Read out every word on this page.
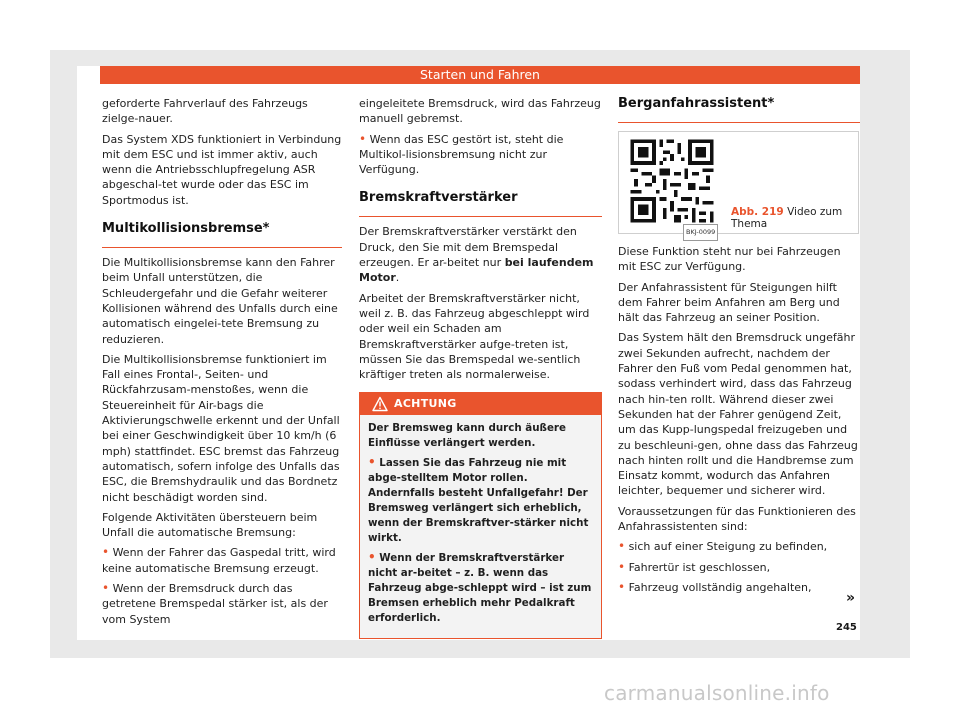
Starten und Fahren

geforderte Fahrverlauf des Fahrzeugs zielge-nauer.

Das System XDS funktioniert in Verbindung mit dem ESC und ist immer aktiv, auch wenn die Antriebsschlupfregelung ASR abgeschal-tet wurde oder das ESC im Sportmodus ist.

Multikollisionsbremse*

Die Multikollisionsbremse kann den Fahrer beim Unfall unterstützen, die Schleudergefahr und die Gefahr weiterer Kollisionen während des Unfalls durch eine automatisch eingelei-tete Bremsung zu reduzieren.

Die Multikollisionsbremse funktioniert im Fall eines Frontal-, Seiten- und Rückfahrzusam-menstoßes, wenn die Steuereinheit für Air-bags die Aktivierungschwelle erkennt und der Unfall bei einer Geschwindigkeit über 10 km/h (6 mph) stattfindet. ESC bremst das Fahrzeug automatisch, sofern infolge des Unfalls das ESC, die Bremshydraulik und das Bordnetz nicht beschädigt worden sind.

Folgende Aktivitäten übersteuern beim Unfall die automatische Bremsung:

• Wenn der Fahrer das Gaspedal tritt, wird keine automatische Bremsung erzeugt.

• Wenn der Bremsdruck durch das getretene Bremspedal stärker ist, als der vom System

eingeleitete Bremsdruck, wird das Fahrzeug manuell gebremst.

• Wenn das ESC gestört ist, steht die Multikol-lisionsbremsung nicht zur Verfügung.

Bremskraftverstärker

Der Bremskraftverstärker verstärkt den Druck, den Sie mit dem Bremspedal erzeugen. Er ar-beitet nur bei laufendem Motor.

Arbeitet der Bremskraftverstärker nicht, weil z. B. das Fahrzeug abgeschleppt wird oder weil ein Schaden am Bremskraftverstärker aufge-treten ist, müssen Sie das Bremspedal we-sentlich kräftiger treten als normalerweise.

ACHTUNG

Der Bremsweg kann durch äußere Einflüsse verlängert werden.

• Lassen Sie das Fahrzeug nie mit abge-stelltem Motor rollen. Andernfalls besteht Unfallgefahr! Der Bremsweg verlängert sich erheblich, wenn der Bremskraftver-stärker nicht wirkt.

• Wenn der Bremskraftverstärker nicht ar-beitet – z. B. wenn das Fahrzeug abge-schleppt wird – ist zum Bremsen erheblich mehr Pedalkraft erforderlich.

Berganfahrassistent*
BKJ-0099
Abb. 219 Video zum Thema

Diese Funktion steht nur bei Fahrzeugen mit ESC zur Verfügung.

Der Anfahrassistent für Steigungen hilft dem Fahrer beim Anfahren am Berg und hält das Fahrzeug an seiner Position.

Das System hält den Bremsdruck ungefähr zwei Sekunden aufrecht, nachdem der Fahrer den Fuß vom Pedal genommen hat, sodass verhindert wird, dass das Fahrzeug nach hin-ten rollt. Während dieser zwei Sekunden hat der Fahrer genügend Zeit, um das Kupp-lungspedal freizugeben und zu beschleuni-gen, ohne dass das Fahrzeug nach hinten rollt und die Handbremse zum Einsatz kommt, wodurch das Anfahren leichter, bequemer und sicherer wird.

Voraussetzungen für das Funktionieren des Anfahrassistenten sind:

• sich auf einer Steigung zu befinden,

• Fahrertür ist geschlossen,

• Fahrzeug vollständig angehalten,

»
245
carmanualsonline.info
